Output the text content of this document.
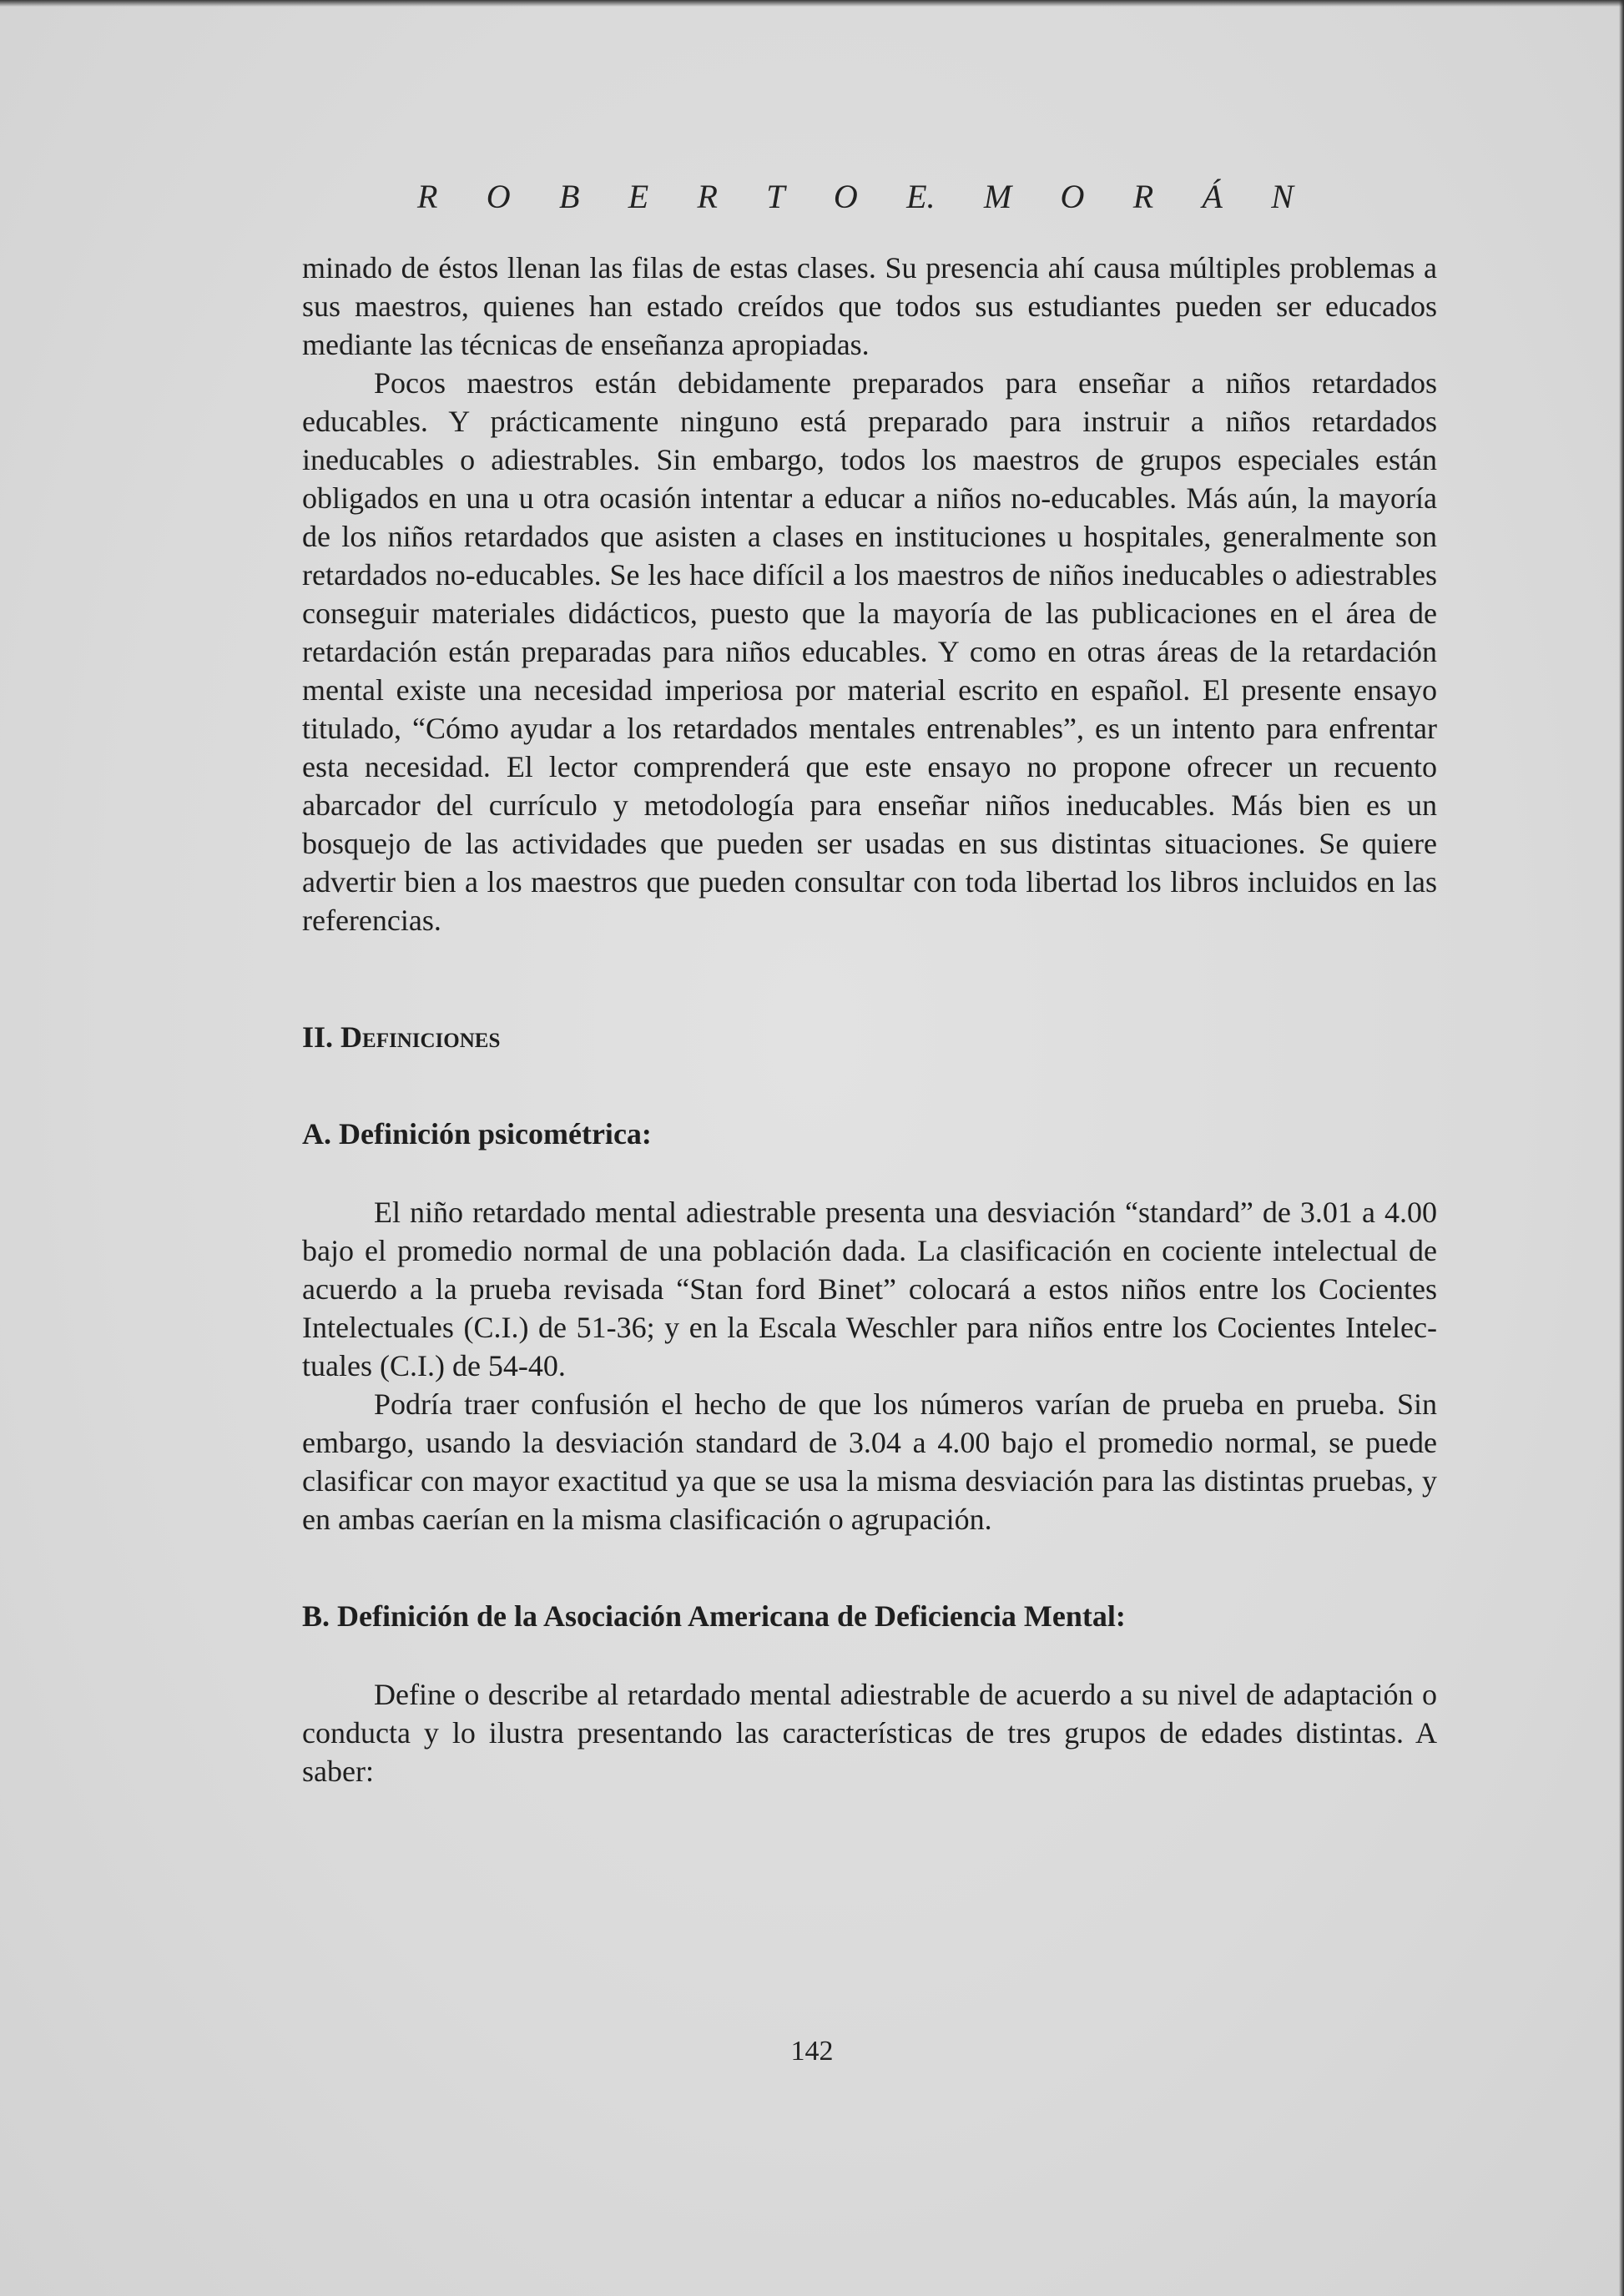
R O B E R T O E. M O R Á N

minado de éstos llenan las filas de estas clases. Su presencia ahí causa múltiples problemas a sus maestros, quienes han estado creídos que todos sus estudiantes pueden ser educados mediante las técnicas de enseñanza apropiadas.

Pocos maestros están debidamente preparados para enseñar a niños retardados educables. Y prácticamente ninguno está preparado para instruir a niños retardados ineducables o adiestrables. Sin embargo, todos los maestros de grupos especiales están obligados en una u otra ocasión intentar a educar a niños no-educables. Más aún, la mayoría de los niños retardados que asisten a clases en instituciones u hospitales, generalmente son retardados no-educables. Se les hace difícil a los maestros de niños ineducables o adiestrables conseguir materiales didácticos, puesto que la mayoría de las publicaciones en el área de retardación están preparadas para niños educables. Y como en otras áreas de la retardación mental existe una necesidad imperiosa por material escrito en español. El presente ensayo titulado, “Cómo ayudar a los retardados mentales entrenables”, es un intento para enfrentar esta necesidad. El lector comprenderá que este ensayo no propone ofrecer un recuento abarcador del currículo y metodología para enseñar niños ineducables. Más bien es un bosquejo de las actividades que pueden ser usadas en sus distintas situaciones. Se quiere advertir bien a los maestros que pueden consultar con toda libertad los libros incluidos en las referencias.

II. Definiciones
A. Definición psicométrica:

El niño retardado mental adiestrable presenta una desviación “standard” de 3.01 a 4.00 bajo el promedio normal de una población dada. La clasificación en cociente intelectual de acuerdo a la prueba revisada “Stan ford Binet” colocará a estos niños entre los Cocientes Intelectuales (C.I.) de 51-36; y en la Escala Weschler para niños entre los Cocientes Intelectuales (C.I.) de 54-40.

Podría traer confusión el hecho de que los números varían de prueba en prueba. Sin embargo, usando la desviación standard de 3.04 a 4.00 bajo el promedio normal, se puede clasificar con mayor exactitud ya que se usa la misma desviación para las distintas pruebas, y en ambas caerían en la misma clasificación o agrupación.

B. Definición de la Asociación Americana de Deficiencia Mental:

Define o describe al retardado mental adiestrable de acuerdo a su nivel de adaptación o conducta y lo ilustra presentando las características de tres grupos de edades distintas. A saber:

142
